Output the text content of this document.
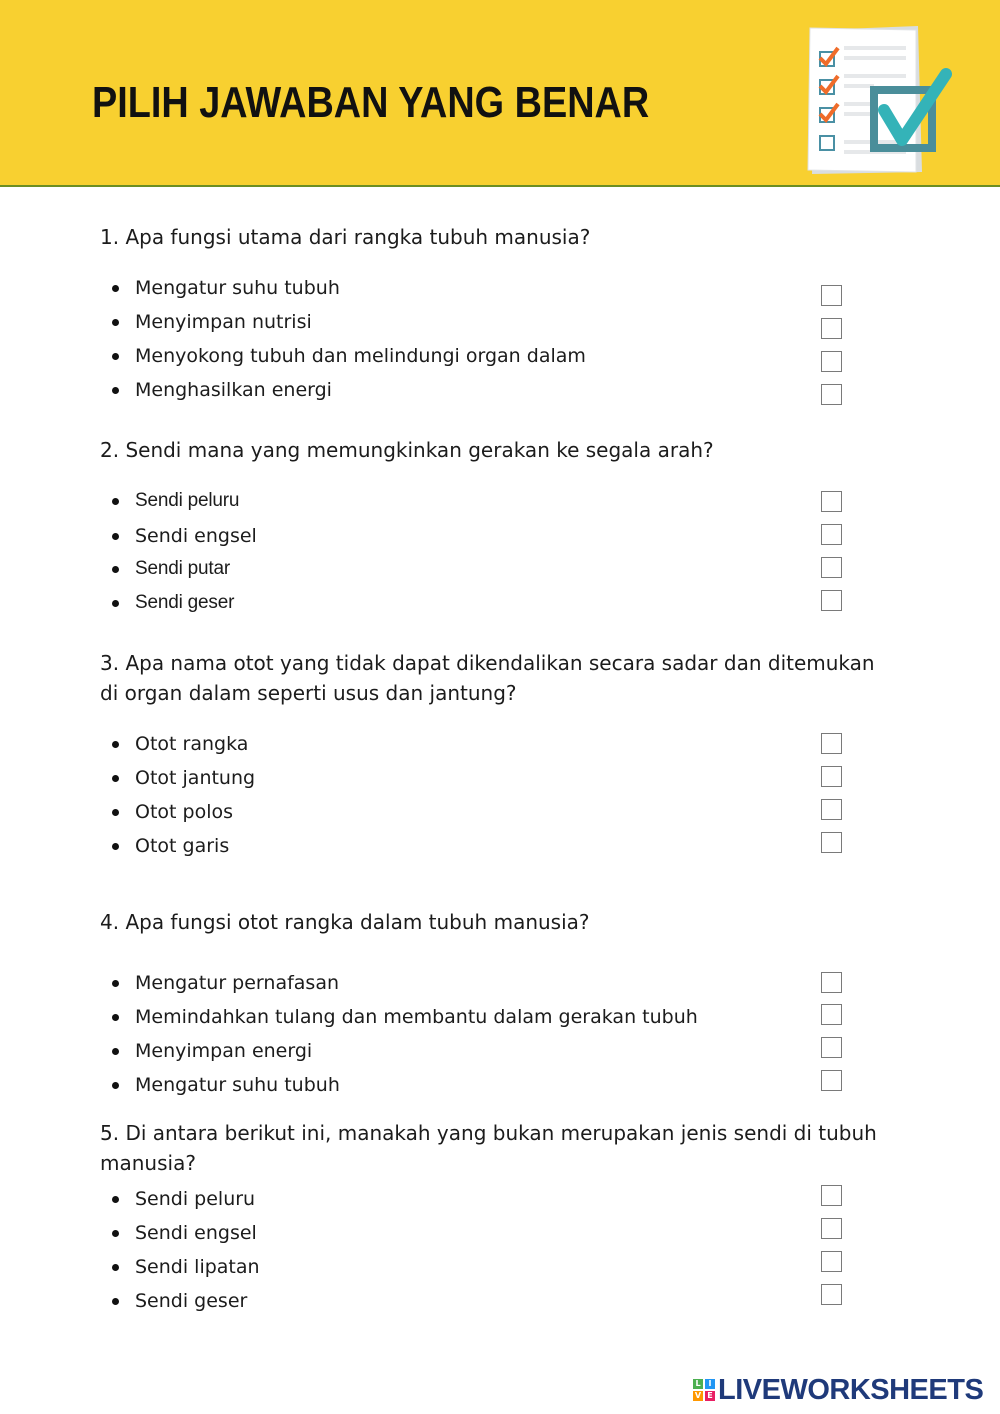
PILIH JAWABAN YANG BENAR

1. Apa fungsi utama dari rangka tubuh manusia?

Mengatur suhu tubuh
Menyimpan nutrisi
Menyokong tubuh dan melindungi organ dalam
Menghasilkan energi

2. Sendi mana yang memungkinkan gerakan ke segala arah?

Sendi peluru
Sendi engsel
Sendi putar
Sendi geser

3. Apa nama otot yang tidak dapat dikendalikan secara sadar dan ditemukan
di organ dalam seperti usus dan jantung?

Otot rangka
Otot jantung
Otot polos
Otot garis

4. Apa fungsi otot rangka dalam tubuh manusia?

Mengatur pernafasan
Memindahkan tulang dan membantu dalam gerakan tubuh
Menyimpan energi
Mengatur suhu tubuh

5. Di antara berikut ini, manakah yang bukan merupakan jenis sendi di tubuh
manusia?

Sendi peluru
Sendi engsel
Sendi lipatan
Sendi geser
L I
V E LIVEWORKSHEETS
